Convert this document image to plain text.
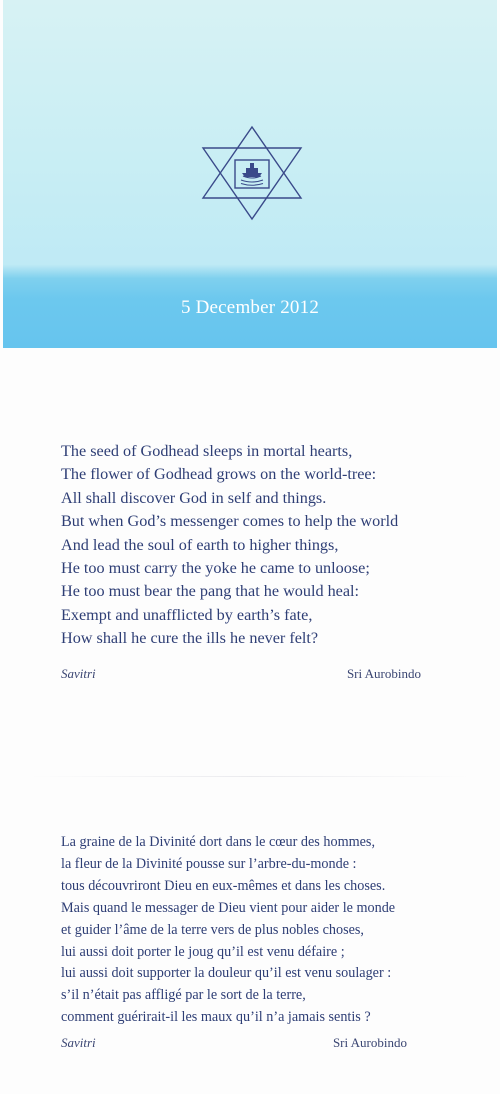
5 December 2012
The seed of Godhead sleeps in mortal hearts,
The flower of Godhead grows on the world-tree:
All shall discover God in self and things.
But when God’s messenger comes to help the world
And lead the soul of earth to higher things,
He too must carry the yoke he came to unloose;
He too must bear the pang that he would heal:
Exempt and unafflicted by earth’s fate,
How shall he cure the ills he never felt?
Savitri	Sri Aurobindo
La graine de la Divinité dort dans le cœur des hommes,
la fleur de la Divinité pousse sur l’arbre-du-monde :
tous découvriront Dieu en eux-mêmes et dans les choses.
Mais quand le messager de Dieu vient pour aider le monde
et guider l’âme de la terre vers de plus nobles choses,
lui aussi doit porter le joug qu’il est venu défaire ;
lui aussi doit supporter la douleur qu’il est venu soulager :
s’il n’était pas affligé par le sort de la terre,
comment guérirait-il les maux qu’il n’a jamais sentis ?
Savitri	Sri Aurobindo
